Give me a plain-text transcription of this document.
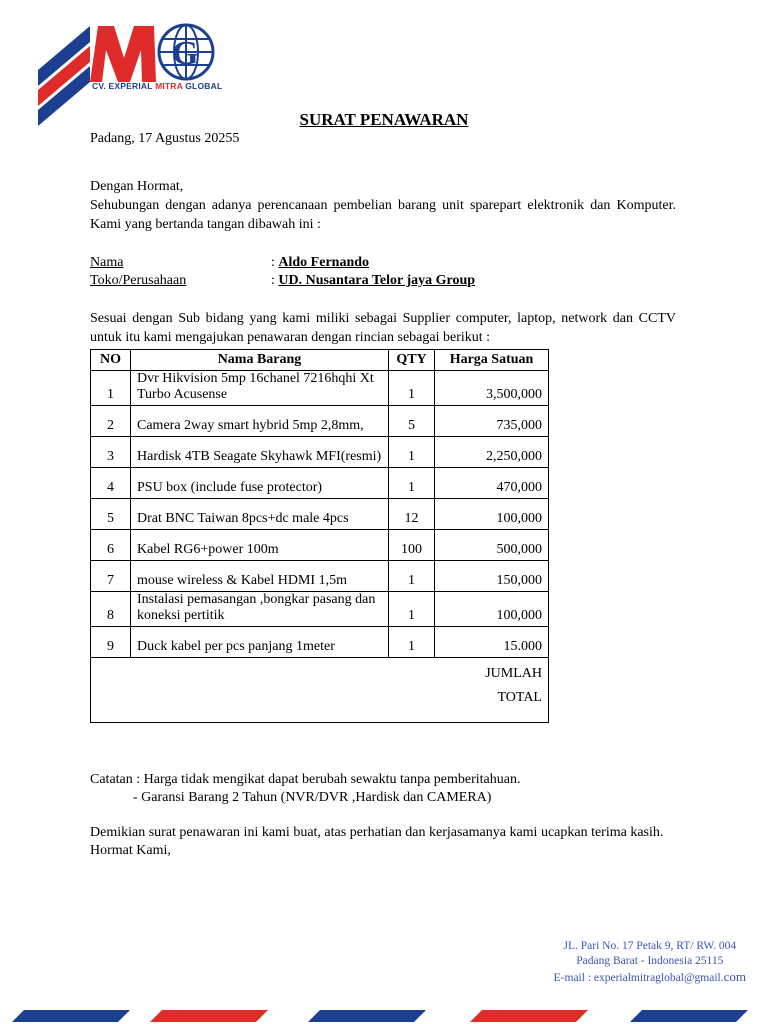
G
CV. EXPERIAL MITRA GLOBAL
SURAT PENAWARAN
Padang, 17 Agustus 20255
Dengan Hormat,
Sehubungan dengan adanya perencanaan pembelian barang unit sparepart elektronik dan Komputer.
Kami yang bertanda tangan dibawah ini :
Nama	: Aldo Fernando
Toko/Perusahaan	: UD. Nusantara Telor jaya Group
Sesuai dengan Sub bidang yang kami miliki sebagai Supplier computer, laptop, network dan CCTV
untuk itu kami mengajukan penawaran dengan rincian sebagai berikut :
NO	Nama Barang	QTY	Harga Satuan
1	Dvr Hikvision 5mp 16chanel 7216hqhi Xt
Turbo Acusense	1	3,500,000
2	Camera 2way smart hybrid 5mp 2,8mm,	5	735,000
3	Hardisk 4TB Seagate Skyhawk MFI(resmi)	1	2,250,000
4	PSU box (include fuse protector)	1	470,000
5	Drat BNC Taiwan 8pcs+dc male 4pcs	12	100,000
6	Kabel RG6+power 100m	100	500,000
7	mouse wireless & Kabel HDMI 1,5m	1	150,000
8	Instalasi pemasangan ,bongkar pasang dan
koneksi pertitik	1	100,000
9	Duck kabel per pcs panjang 1meter	1	15.000

JUMLAH
TOTAL			
Catatan : Harga tidak mengikat dapat berubah sewaktu tanpa pemberitahuan.
- Garansi Barang 2 Tahun (NVR/DVR ,Hardisk dan CAMERA)
Demikian surat penawaran ini kami buat, atas perhatian dan kerjasamanya kami ucapkan terima kasih.
Hormat Kami,
JL. Pari No. 17 Petak 9, RT/ RW. 004
Padang Barat - Indonesia 25115
E-mail : experialmitraglobal@gmail.com
